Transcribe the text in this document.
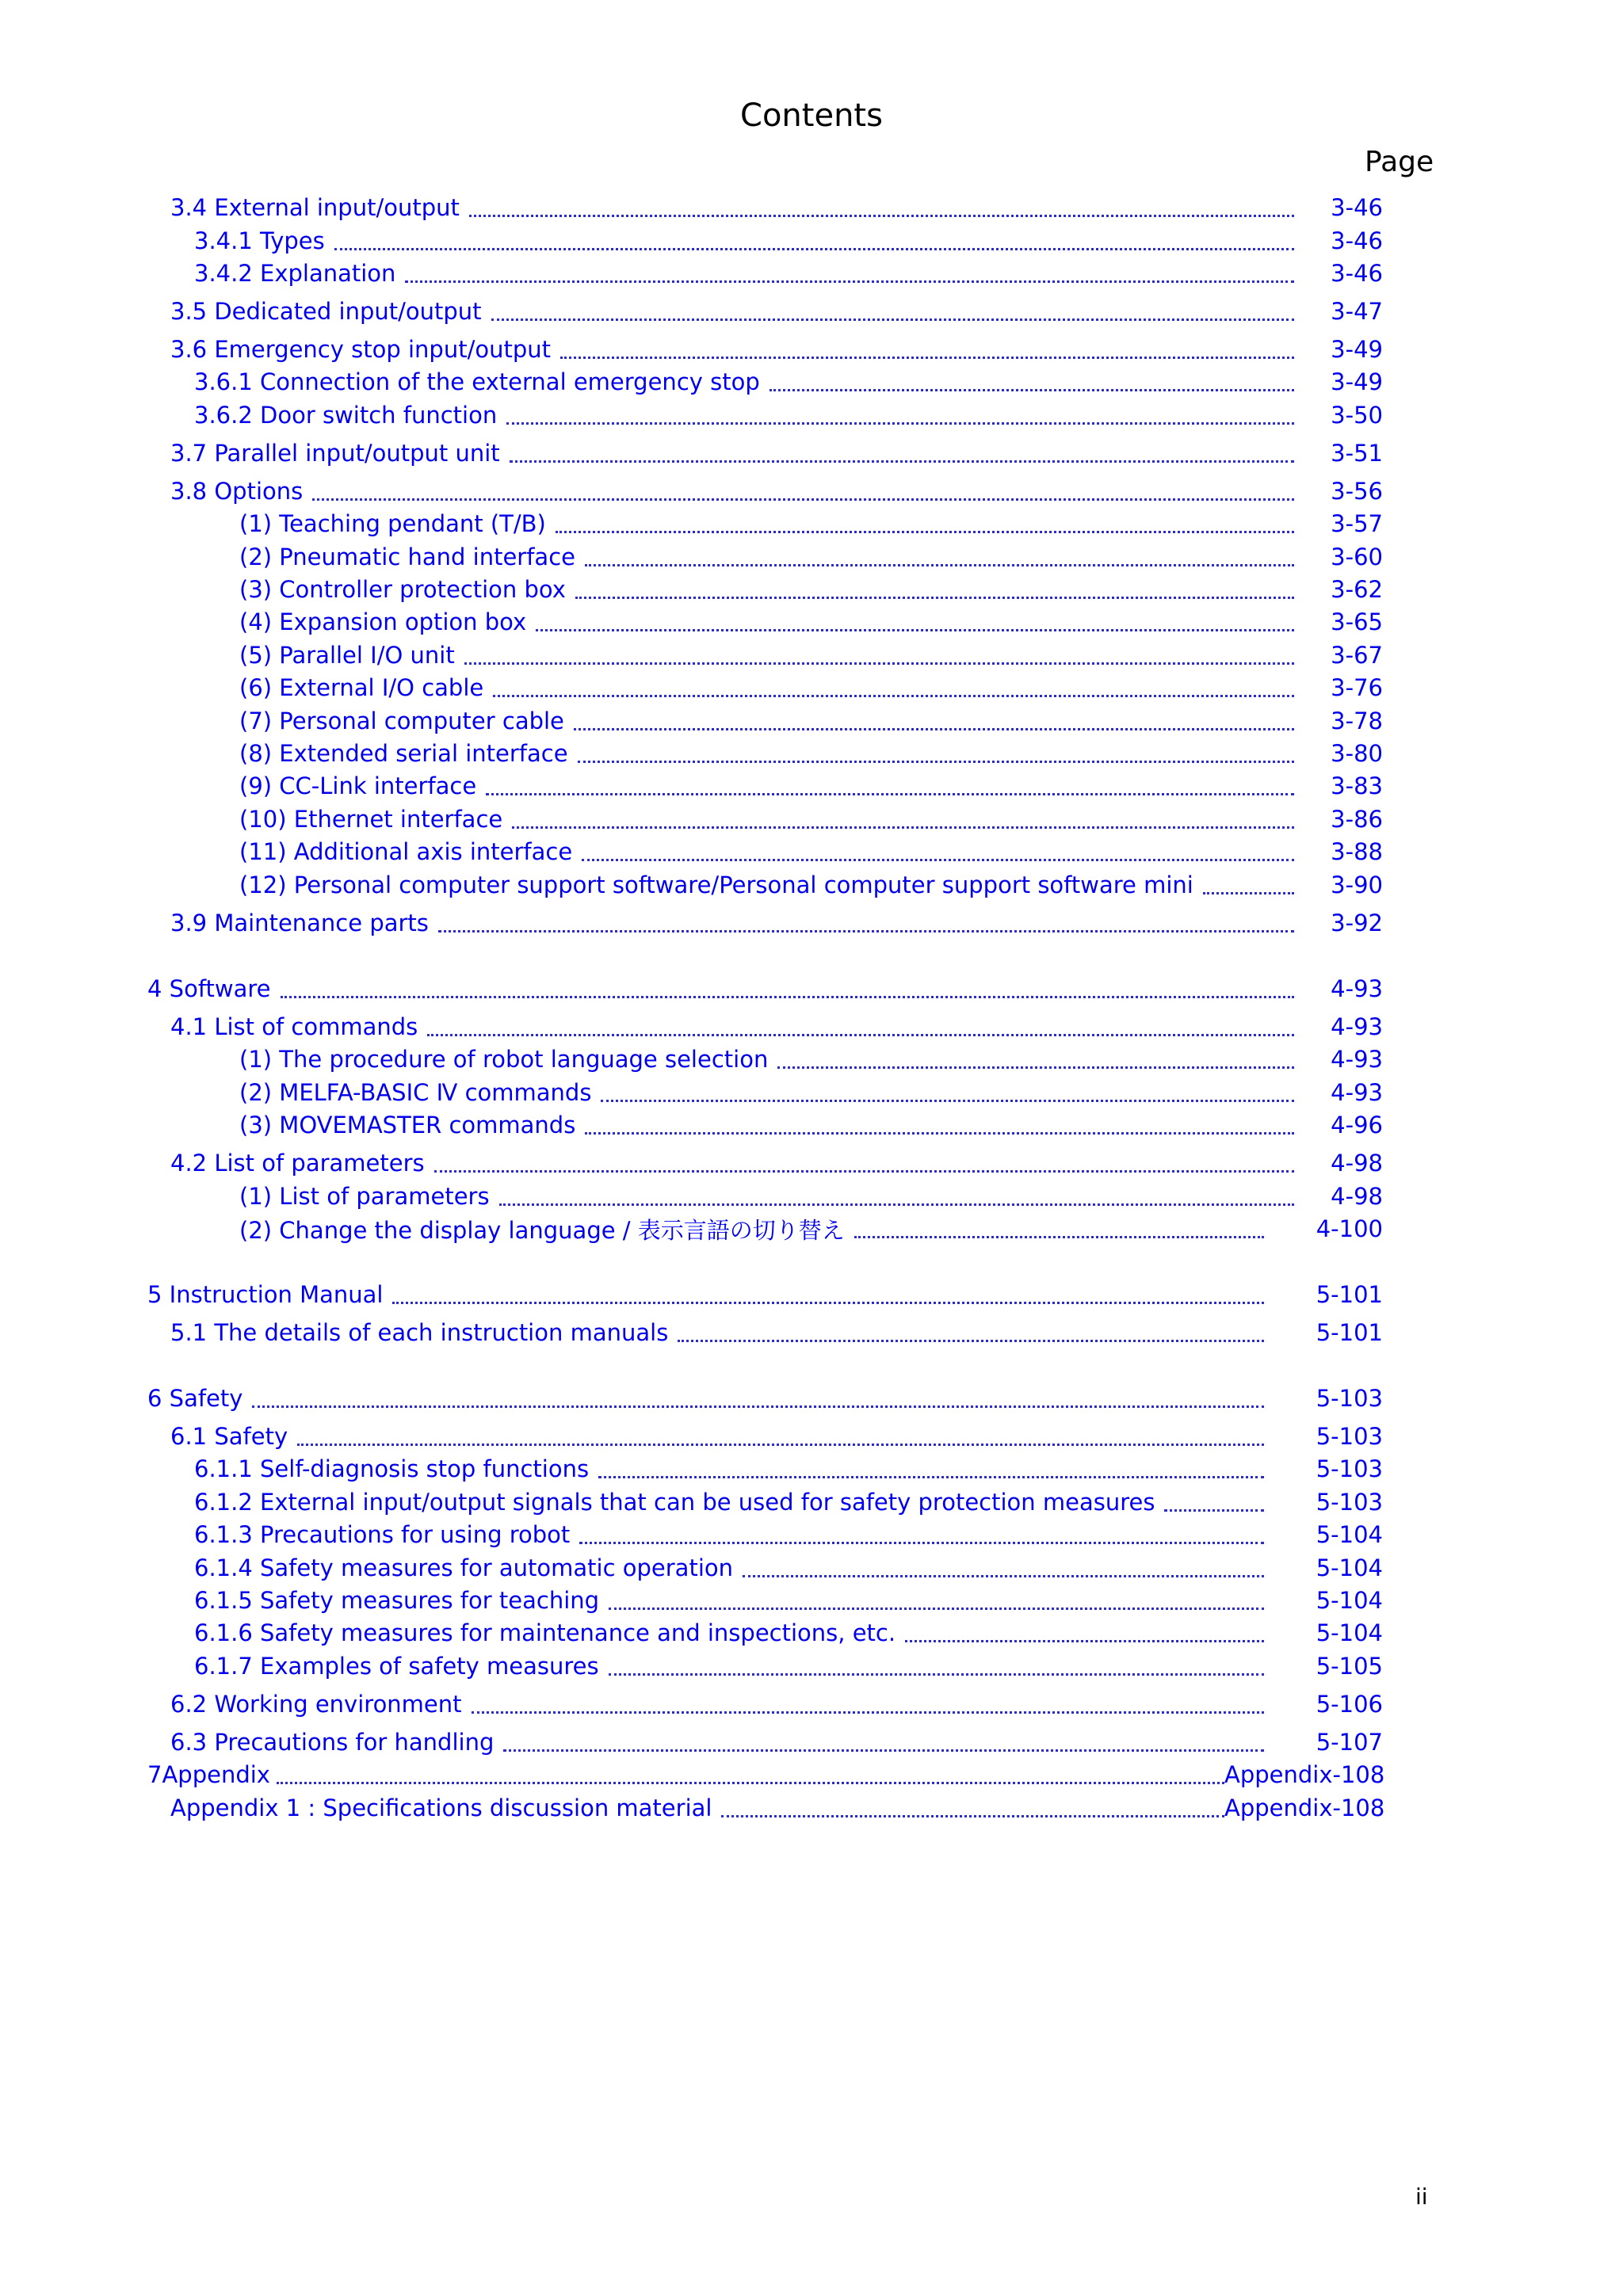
Contents
Page
3.4 External input/output	3-46
3.4.1 Types	3-46
3.4.2 Explanation	3-46
3.5 Dedicated input/output	3-47
3.6 Emergency stop input/output	3-49
3.6.1 Connection of the external emergency stop	3-49
3.6.2 Door switch function	3-50
3.7 Parallel input/output unit	3-51
3.8 Options	3-56
(1) Teaching pendant (T/B)	3-57
(2) Pneumatic hand interface	3-60
(3) Controller protection box	3-62
(4) Expansion option box	3-65
(5) Parallel I/O unit	3-67
(6) External I/O cable	3-76
(7) Personal computer cable	3-78
(8) Extended serial interface	3-80
(9) CC-Link interface	3-83
(10) Ethernet interface	3-86
(11) Additional axis interface	3-88
(12) Personal computer support software/Personal computer support software mini	3-90
3.9 Maintenance parts	3-92
4 Software	4-93
4.1 List of commands	4-93
(1) The procedure of robot language selection	4-93
(2) MELFA-BASIC Ⅳ commands	4-93
(3) MOVEMASTER commands	4-96
4.2 List of parameters	4-98
(1) List of parameters	4-98
(2) Change the display language / 表示言語の切り替え	4-100
5 Instruction Manual	5-101
5.1 The details of each instruction manuals	5-101
6 Safety	5-103
6.1 Safety	5-103
6.1.1 Self-diagnosis stop functions	5-103
6.1.2 External input/output signals that can be used for safety protection measures	5-103
6.1.3 Precautions for using robot	5-104
6.1.4 Safety measures for automatic operation	5-104
6.1.5 Safety measures for teaching	5-104
6.1.6 Safety measures for maintenance and inspections, etc.	5-104
6.1.7 Examples of safety measures	5-105
6.2 Working environment	5-106
6.3 Precautions for handling	5-107
7Appendix	Appendix-108
Appendix 1 : Specifications discussion material	Appendix-108
ii
